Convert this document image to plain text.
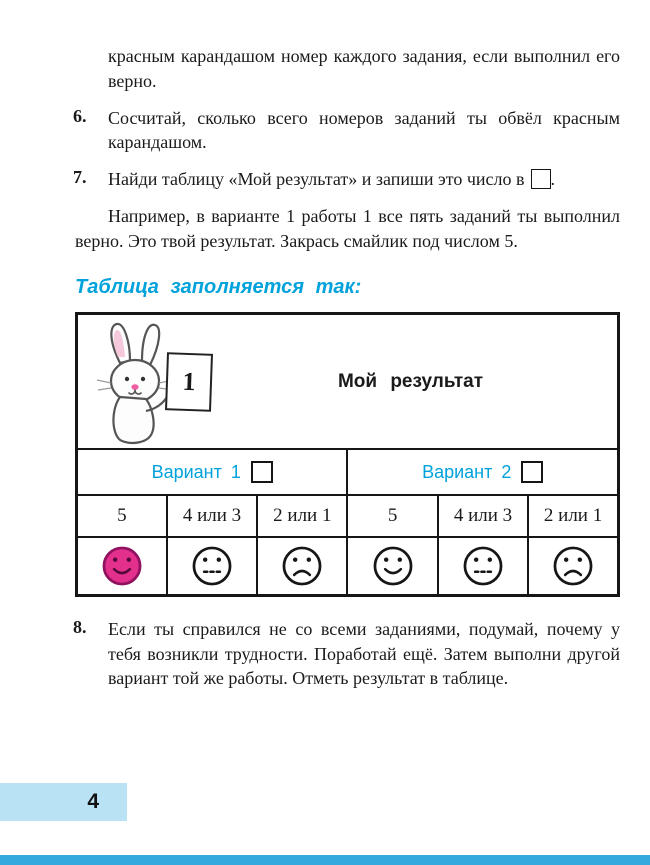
красным карандашом номер каждого задания, если выполнил его верно.

6. Сосчитай, сколько всего номеров заданий ты обвёл красным карандашом.

7. Найди таблицу «Мой результат» и запиши это число в .

Например, в варианте 1 работы 1 все пять заданий ты выполнил верно. Это твой результат. Закрась смайлик под числом 5.

Таблица заполняется так:
1 Мой результат					

Вариант 1			Вариант 2		
5	4 или 3	2 или 1	5	4 или 3	2 или 1

8. Если ты справился не со всеми заданиями, подумай, почему у тебя возникли трудности. Поработай ещё. Затем выполни другой вариант той же работы. Отметь результат в таблице.

4
